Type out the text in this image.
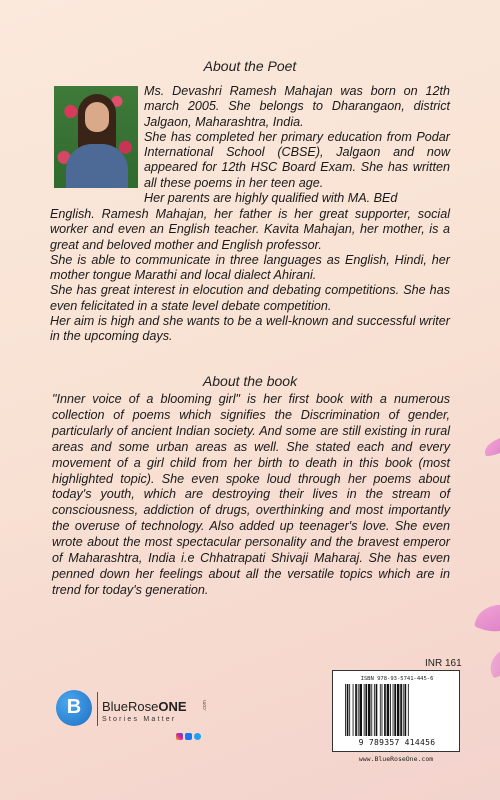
About the Poet

Ms. Devashri Ramesh Mahajan was born on 12th march 2005. She belongs to Dharangaon, district Jalgaon, Maharashtra, India.

She has completed her primary education from Podar International School (CBSE), Jalgaon and now appeared for 12th HSC Board Exam. She has written all these poems in her teen age.

Her parents are highly qualified with MA. BEd

English. Ramesh Mahajan, her father is her great supporter, social worker and even an English teacher. Kavita Mahajan, her mother, is a great and beloved mother and English professor.

She is able to communicate in three languages as English, Hindi, her mother tongue Marathi and local dialect Ahirani.

She has great interest in elocution and debating competitions. She has even felicitated in a state level debate competition.

Her aim is high and she wants to be a well-known and successful writer in the upcoming days.

About the book

"Inner voice of a blooming girl" is her first book with a numerous collection of poems which signifies the Discrimination of gender, particularly of ancient Indian society. And some are still existing in rural areas and some urban areas as well. She stated each and every movement of a girl child from her birth to death in this book (most highlighted topic). She even spoke loud through her poems about today's youth, which are destroying their lives in the stream of consciousness, addiction of drugs, overthinking and most importantly the overuse of technology. Also added up teenager's love. She even wrote about the most spectacular personality and the bravest emperor of Maharashtra, India i.e Chhatrapati Shivaji Maharaj. She has even penned down her feelings about all the versatile topics which are in trend for today's generation.

B	BlueRoseONE	.com
Stories Matter
INR 161
ISBN 978-93-5741-445-6
9 789357 414456
www.BlueRoseOne.com
